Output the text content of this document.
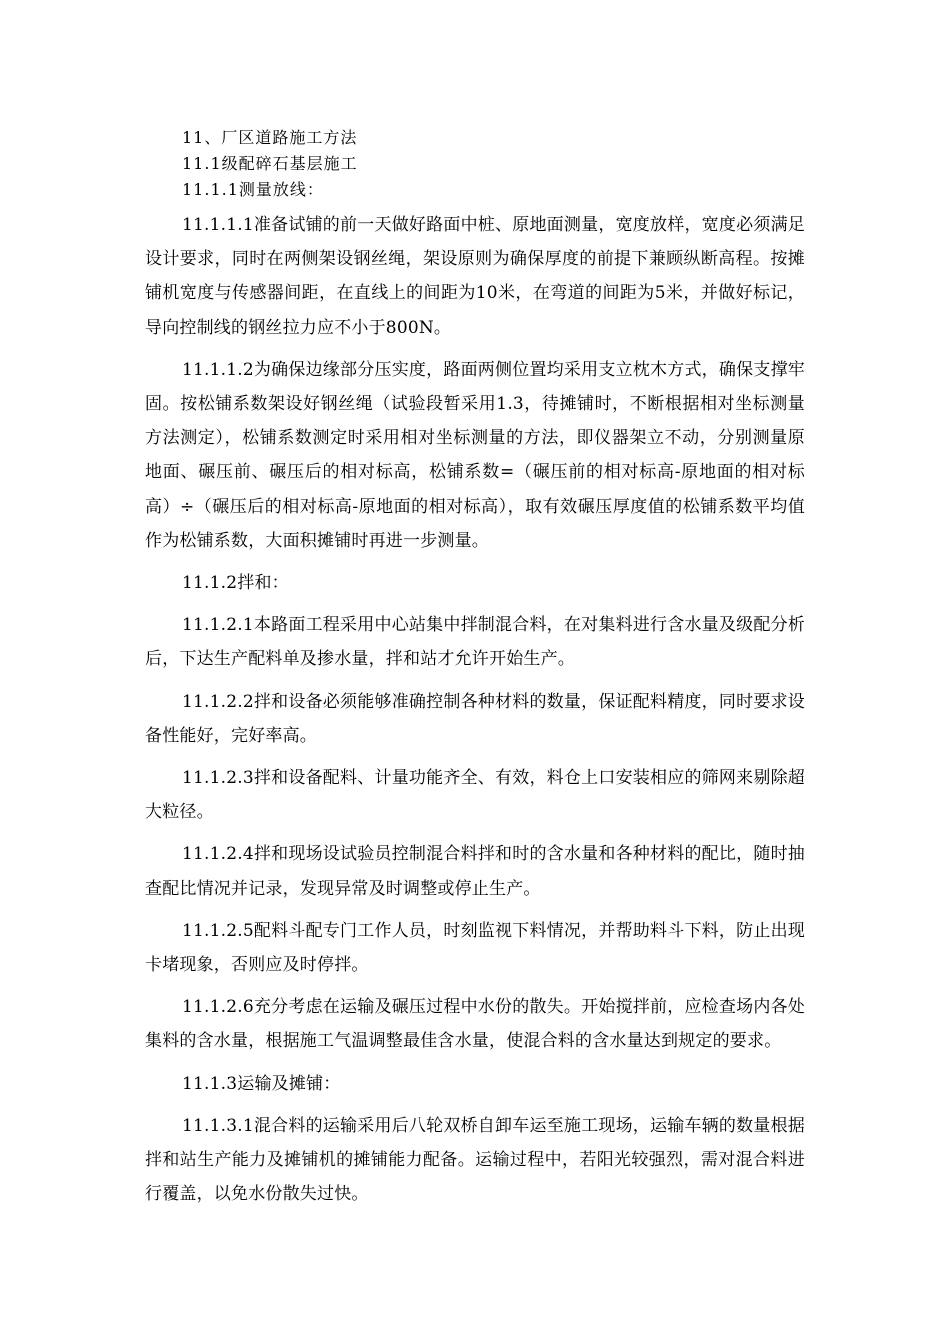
11、厂区道路施工方法
11.1级配碎石基层施工
11.1.1测量放线：

11.1.1.1准备试铺的前一天做好路面中桩、原地面测量，宽度放样，宽度必须满足设计要求，同时在两侧架设钢丝绳，架设原则为确保厚度的前提下兼顾纵断高程。按摊铺机宽度与传感器间距，在直线上的间距为10米，在弯道的间距为5米，并做好标记，导向控制线的钢丝拉力应不小于800N。

11.1.1.2为确保边缘部分压实度，路面两侧位置均采用支立枕木方式，确保支撑牢固。按松铺系数架设好钢丝绳（试验段暂采用1.3，待摊铺时，不断根据相对坐标测量方法测定），松铺系数测定时采用相对坐标测量的方法，即仪器架立不动，分别测量原地面、碾压前、碾压后的相对标高，松铺系数=（碾压前的相对标高-原地面的相对标高）÷（碾压后的相对标高-原地面的相对标高），取有效碾压厚度值的松铺系数平均值作为松铺系数，大面积摊铺时再进一步测量。

11.1.2拌和：

11.1.2.1本路面工程采用中心站集中拌制混合料，在对集料进行含水量及级配分析后，下达生产配料单及掺水量，拌和站才允许开始生产。

11.1.2.2拌和设备必须能够准确控制各种材料的数量，保证配料精度，同时要求设备性能好，完好率高。

11.1.2.3拌和设备配料、计量功能齐全、有效，料仓上口安装相应的筛网来剔除超大粒径。

11.1.2.4拌和现场设试验员控制混合料拌和时的含水量和各种材料的配比，随时抽查配比情况并记录，发现异常及时调整或停止生产。

11.1.2.5配料斗配专门工作人员，时刻监视下料情况，并帮助料斗下料，防止出现卡堵现象，否则应及时停拌。

11.1.2.6充分考虑在运输及碾压过程中水份的散失。开始搅拌前，应检查场内各处集料的含水量，根据施工气温调整最佳含水量，使混合料的含水量达到规定的要求。

11.1.3运输及摊铺：

11.1.3.1混合料的运输采用后八轮双桥自卸车运至施工现场，运输车辆的数量根据拌和站生产能力及摊铺机的摊铺能力配备。运输过程中，若阳光较强烈，需对混合料进行覆盖，以免水份散失过快。
